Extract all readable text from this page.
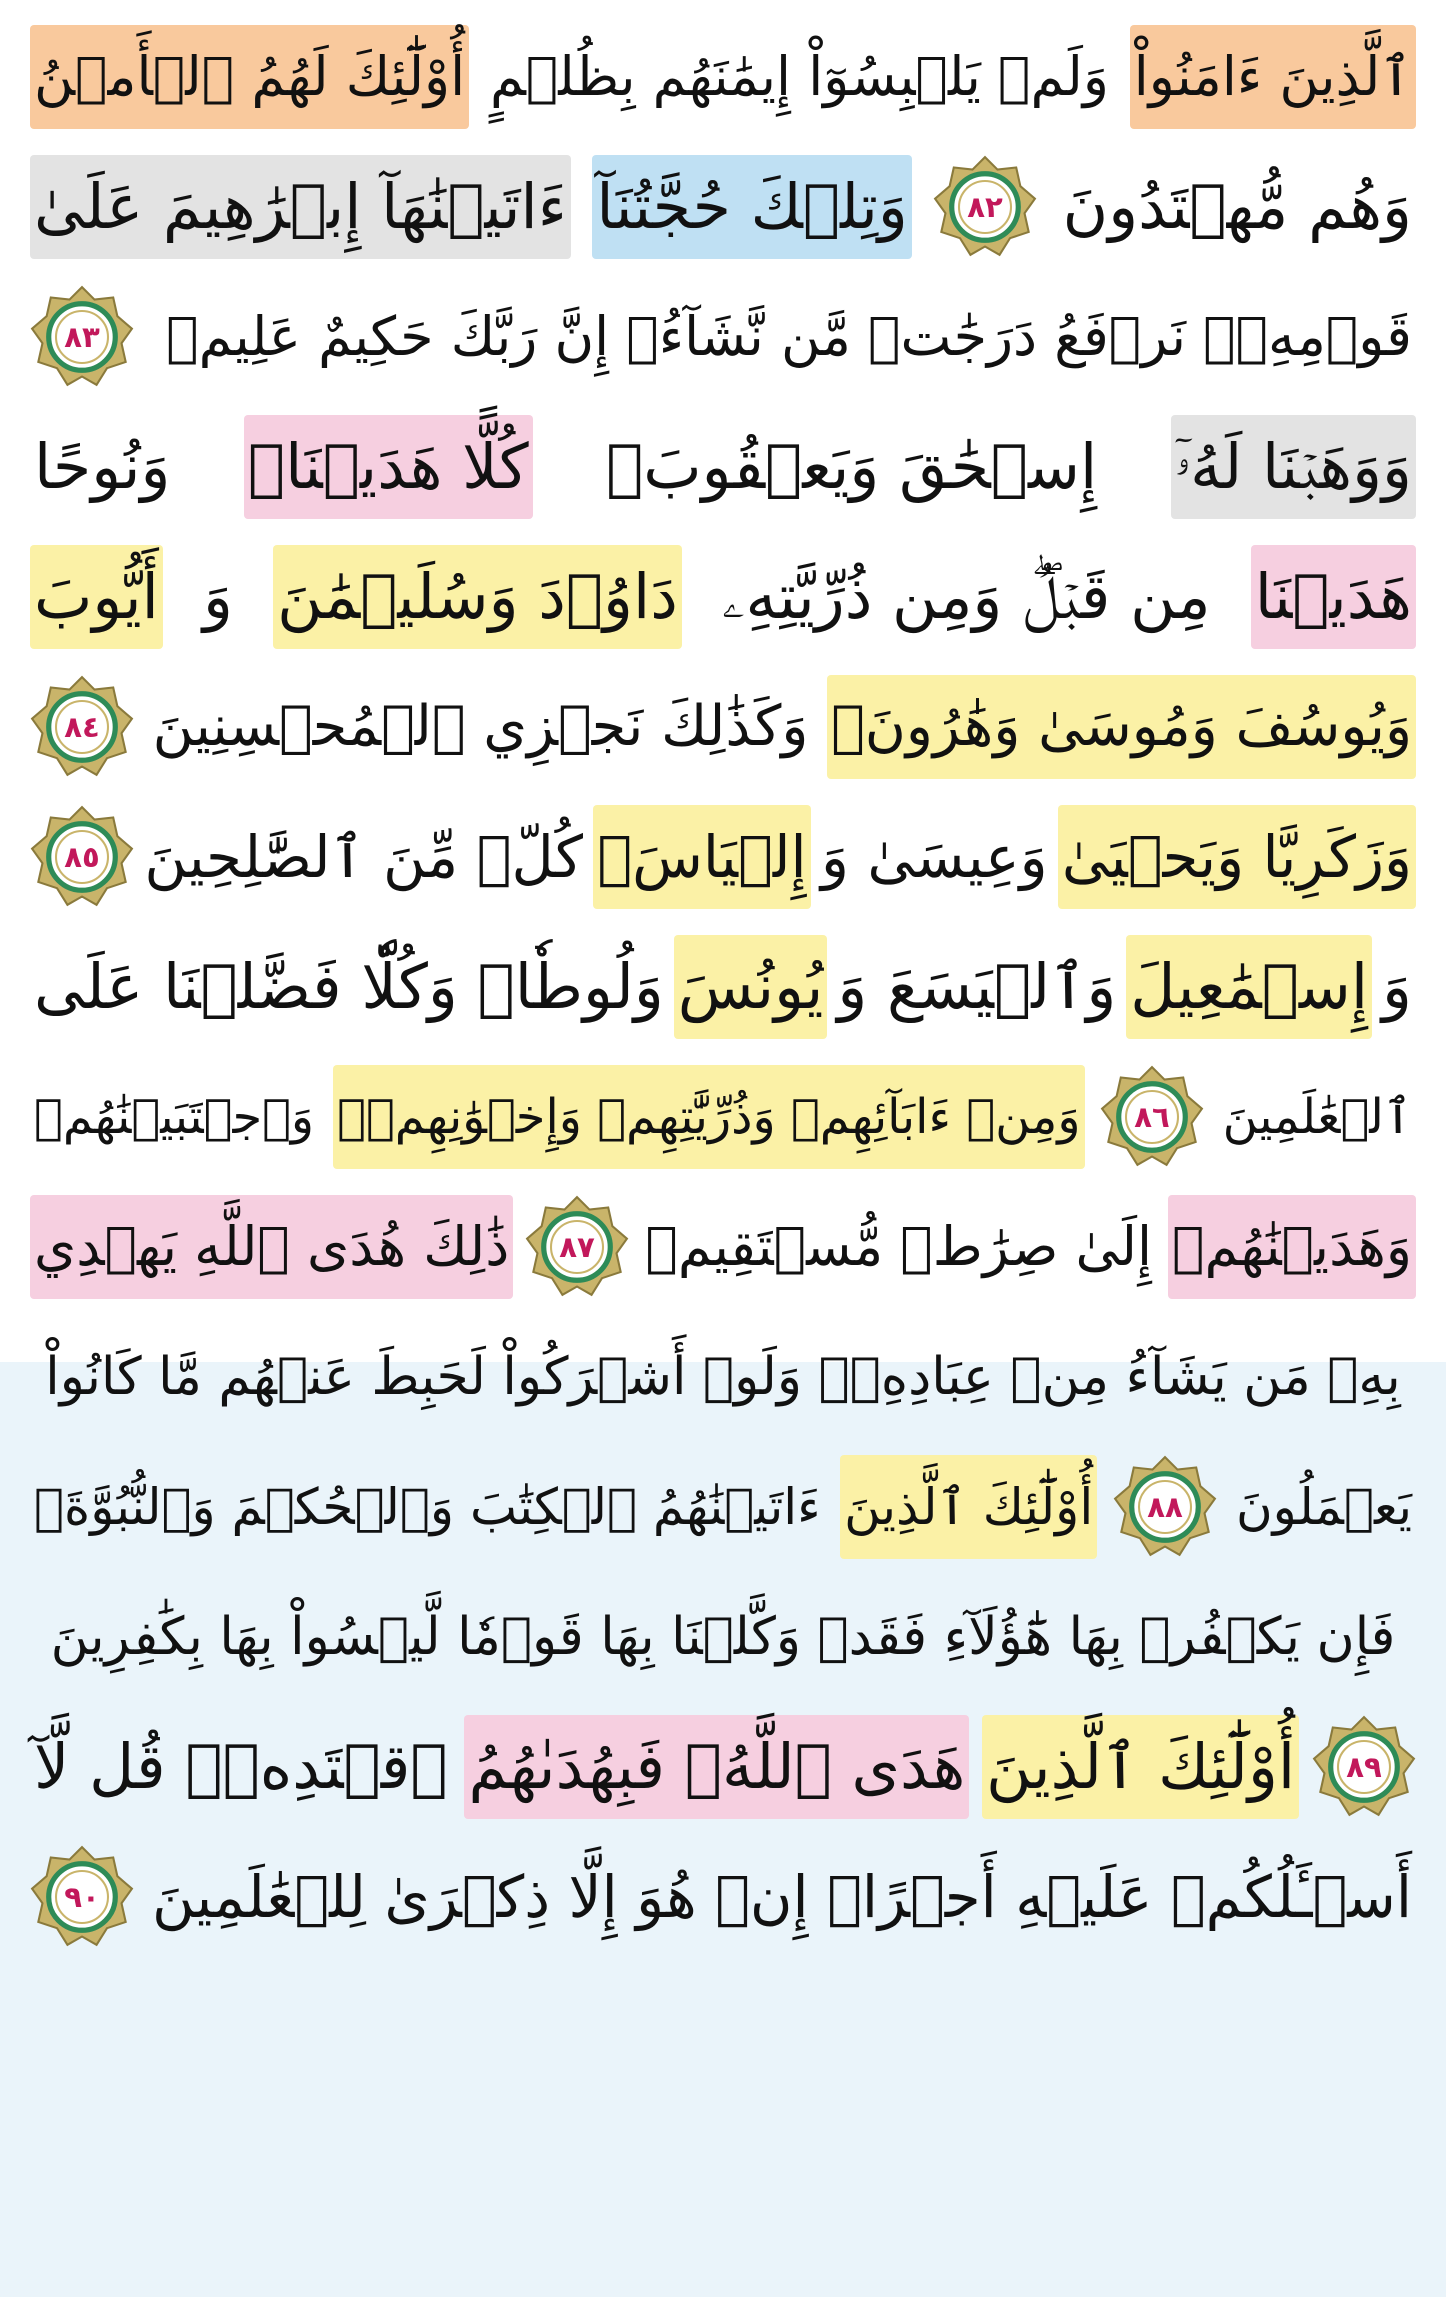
ٱلَّذِينَ ءَامَنُواْ
وَلَمۡ يَلۡبِسُوٓاْ إِيمَٰنَهُم بِظُلۡمٍ
أُوْلَٰٓئِكَ لَهُمُ ٱلۡأَمۡنُ
وَهُم مُّهۡتَدُونَ
٨٢
وَتِلۡكَ حُجَّتُنَآ
ءَاتَيۡنَٰهَآ إِبۡرَٰهِيمَ عَلَىٰ
قَوۡمِهِۦۚ نَرۡفَعُ دَرَجَٰتٖ مَّن نَّشَآءُۗ إِنَّ رَبَّكَ حَكِيمٌ عَلِيمٞ
٨٣
وَوَهَبۡنَا لَهُۥٓ
إِسۡحَٰقَ وَيَعۡقُوبَۚ
كُلًّا هَدَيۡنَاۚ
وَنُوحًا
هَدَيۡنَا
مِن قَبۡلُۖ وَمِن ذُرِّيَّتِهِۦ
دَاوُۥدَ وَسُلَيۡمَٰنَ
وَ
أَيُّوبَ
وَيُوسُفَ وَمُوسَىٰ وَهَٰرُونَۚ
وَكَذَٰلِكَ نَجۡزِي ٱلۡمُحۡسِنِينَ
٨٤
وَزَكَرِيَّا وَيَحۡيَىٰ
وَعِيسَىٰ وَ
إِلۡيَاسَۖ
كُلّٞ مِّنَ ٱلصَّٰلِحِينَ
٨٥
وَ
إِسۡمَٰعِيلَ
وَٱلۡيَسَعَ وَ
يُونُسَ
وَلُوطٗاۚ وَكُلّٗا فَضَّلۡنَا عَلَى
ٱلۡعَٰلَمِينَ
٨٦
وَمِنۡ ءَابَآئِهِمۡ وَذُرِّيَّٰتِهِمۡ وَإِخۡوَٰنِهِمۡۖ
وَٱجۡتَبَيۡنَٰهُمۡ
وَهَدَيۡنَٰهُمۡ
إِلَىٰ صِرَٰطٖ مُّسۡتَقِيمٖ
٨٧
ذَٰلِكَ هُدَى ٱللَّهِ يَهۡدِي
بِهِۦ مَن يَشَآءُ مِنۡ عِبَادِهِۦۚ وَلَوۡ أَشۡرَكُواْ لَحَبِطَ عَنۡهُم مَّا كَانُواْ
يَعۡمَلُونَ
٨٨
أُوْلَٰٓئِكَ ٱلَّذِينَ
ءَاتَيۡنَٰهُمُ ٱلۡكِتَٰبَ وَٱلۡحُكۡمَ وَٱلنُّبُوَّةَۚ
فَإِن يَكۡفُرۡ بِهَا هَٰٓؤُلَآءِ فَقَدۡ وَكَّلۡنَا بِهَا قَوۡمٗا لَّيۡسُواْ بِهَا بِكَٰفِرِينَ
٨٩
أُوْلَٰٓئِكَ ٱلَّذِينَ
هَدَى ٱللَّهُۖ فَبِهُدَىٰهُمُ
ٱقۡتَدِهۡۗ قُل لَّآ
أَسۡـَٔلُكُمۡ عَلَيۡهِ أَجۡرًاۖ إِنۡ هُوَ إِلَّا ذِكۡرَىٰ لِلۡعَٰلَمِينَ
٩٠
